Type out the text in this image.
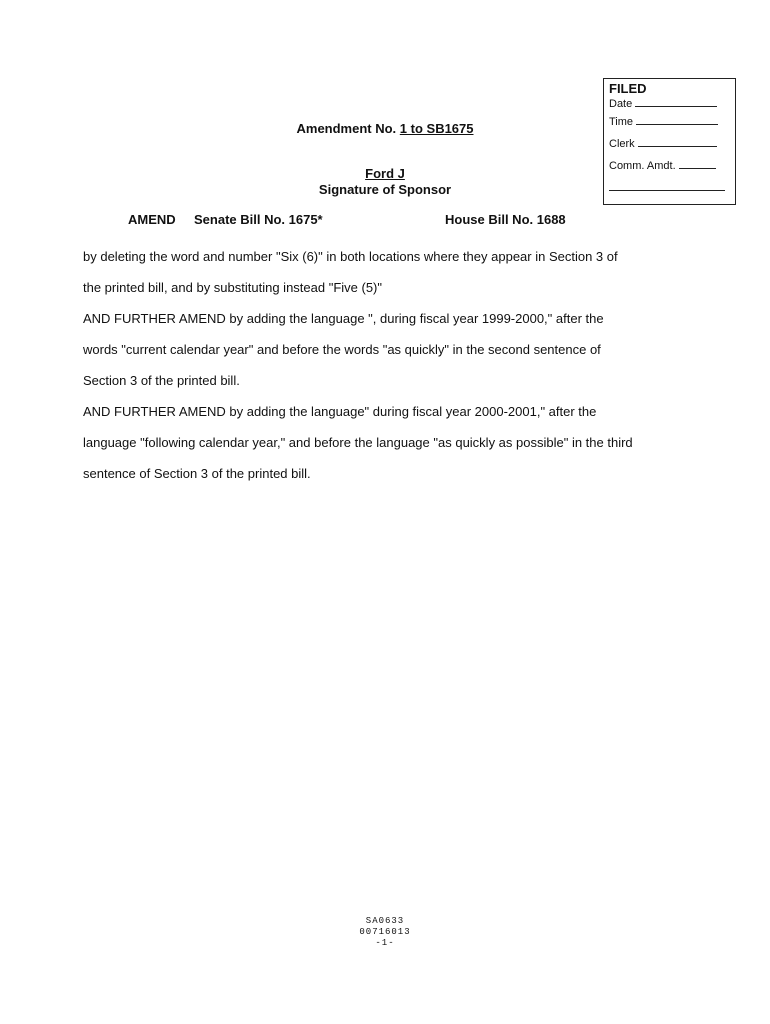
FILED
Date
Time
Clerk
Comm. Amdt.
Amendment No. 1 to SB1675
Ford J
Signature of Sponsor
AMEND Senate Bill No. 1675*	House Bill No. 1688

by deleting the word and number "Six (6)" in both locations where they appear in Section 3 of

the printed bill, and by substituting instead "Five (5)"

AND FURTHER AMEND by adding the language ", during fiscal year 1999-2000," after the

words "current calendar year" and before the words "as quickly" in the second sentence of

Section 3 of the printed bill.

AND FURTHER AMEND by adding the language" during fiscal year 2000-2001," after the

language "following calendar year," and before the language "as quickly as possible" in the third

sentence of Section 3 of the printed bill.

SA0633
00716013
-1-
